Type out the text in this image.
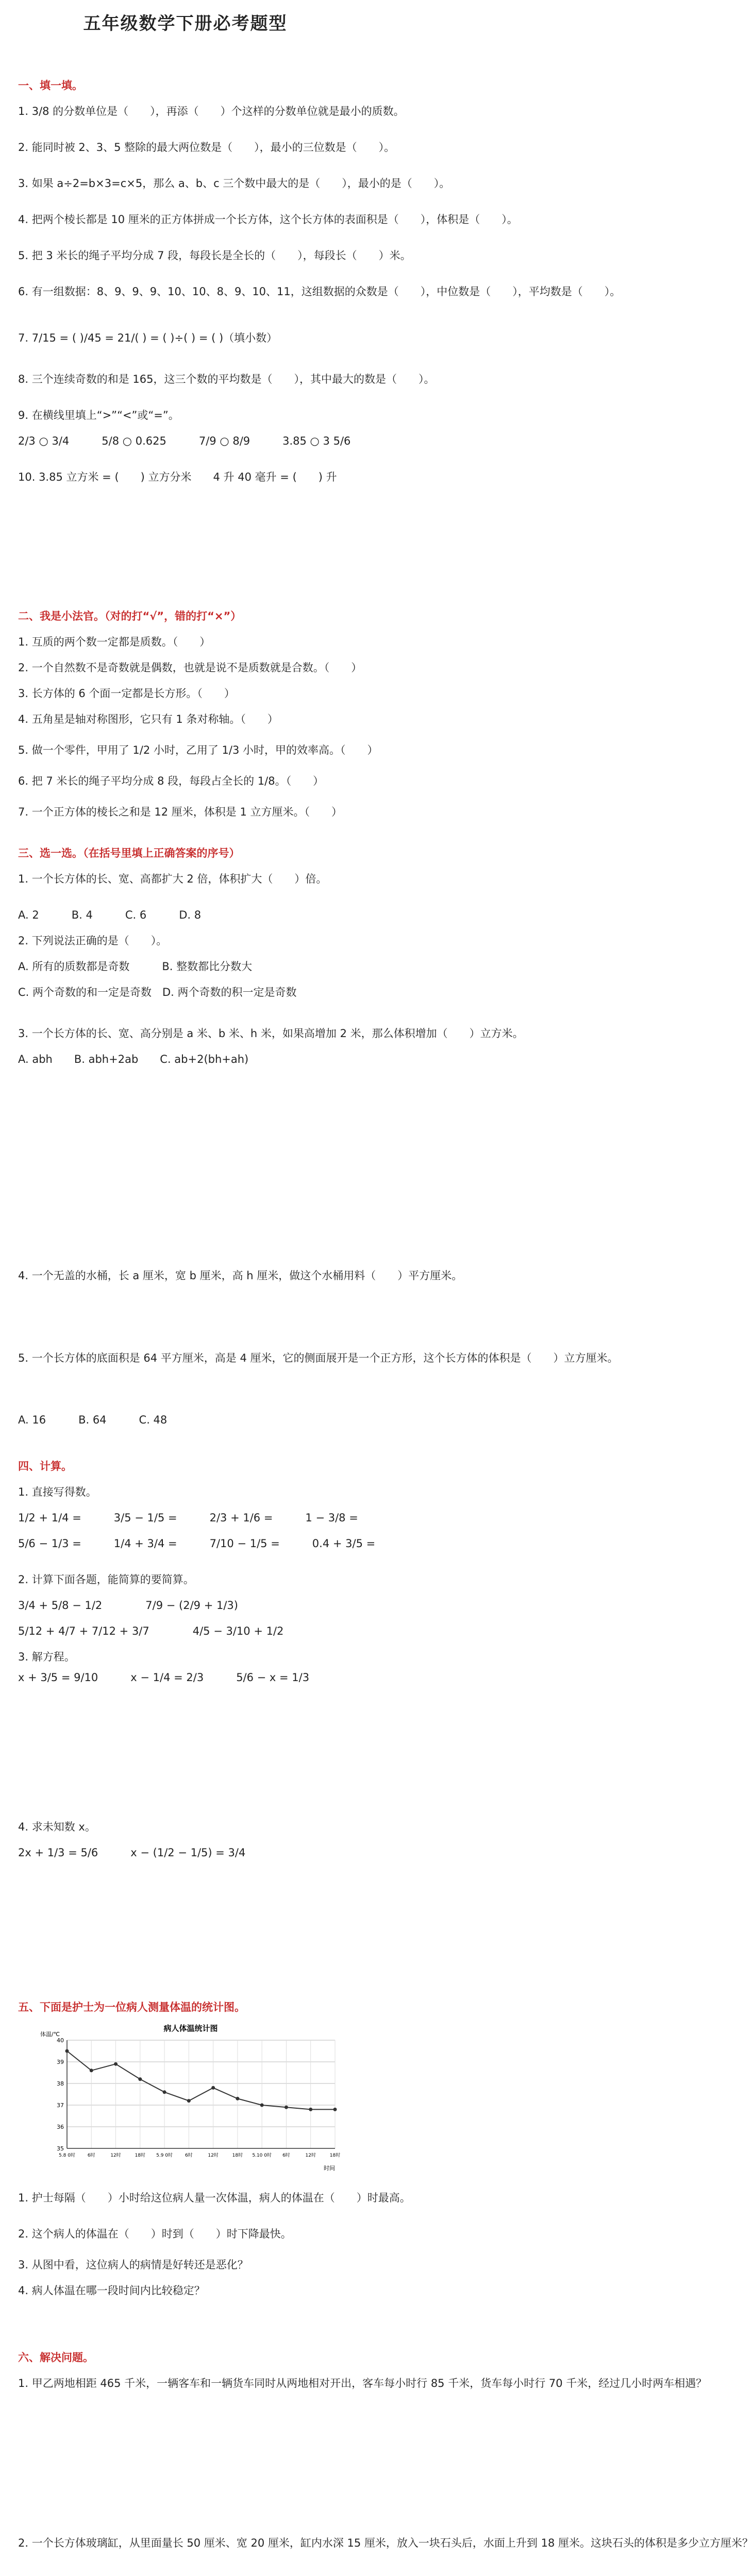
五年级数学下册必考题型
一、填一填。
1. 3/8 的分数单位是（　　），再添（　　）个这样的分数单位就是最小的质数。
2. 能同时被 2、3、5 整除的最大两位数是（　　），最小的三位数是（　　）。
3. 如果 a÷2=b×3=c×5，那么 a、b、c 三个数中最大的是（　　），最小的是（　　）。
4. 把两个棱长都是 10 厘米的正方体拼成一个长方体，这个长方体的表面积是（　　），体积是（　　）。
5. 把 3 米长的绳子平均分成 7 段，每段长是全长的（　　），每段长（　　）米。
6. 有一组数据：8、9、9、9、10、10、8、9、10、11，这组数据的众数是（　　），中位数是（　　），平均数是（　　）。
7. 7/15 = ( )/45 = 21/( ) = ( )÷( ) = ( )（填小数）
8. 三个连续奇数的和是 165，这三个数的平均数是（　　），其中最大的数是（　　）。
9. 在横线里填上“>”“<”或“=”。
2/3 ○ 3/4　　　5/8 ○ 0.625　　　7/9 ○ 8/9　　　3.85 ○ 3 5/6
10. 3.85 立方米 = (　　) 立方分米　　4 升 40 毫升 = (　　) 升
二、我是小法官。（对的打“√”，错的打“×”）
1. 互质的两个数一定都是质数。（　　）
2. 一个自然数不是奇数就是偶数，也就是说不是质数就是合数。（　　）
3. 长方体的 6 个面一定都是长方形。（　　）
4. 五角星是轴对称图形，它只有 1 条对称轴。（　　）
5. 做一个零件，甲用了 1/2 小时，乙用了 1/3 小时，甲的效率高。（　　）
6. 把 7 米长的绳子平均分成 8 段，每段占全长的 1/8。（　　）
7. 一个正方体的棱长之和是 12 厘米，体积是 1 立方厘米。（　　）
三、选一选。（在括号里填上正确答案的序号）
1. 一个长方体的长、宽、高都扩大 2 倍，体积扩大（　　）倍。
A. 2　　　B. 4　　　C. 6　　　D. 8
2. 下列说法正确的是（　　）。
A. 所有的质数都是奇数　　　B. 整数都比分数大
C. 两个奇数的和一定是奇数　D. 两个奇数的积一定是奇数
3. 一个长方体的长、宽、高分别是 a 米、b 米、h 米，如果高增加 2 米，那么体积增加（　　）立方米。
A. abh　　B. abh+2ab　　C. ab+2(bh+ah)
4. 一个无盖的水桶，长 a 厘米，宽 b 厘米，高 h 厘米，做这个水桶用料（　　）平方厘米。
5. 一个长方体的底面积是 64 平方厘米，高是 4 厘米，它的侧面展开是一个正方形，这个长方体的体积是（　　）立方厘米。
A. 16　　　B. 64　　　C. 48
四、计算。
1. 直接写得数。
1/2 + 1/4 =　　　3/5 − 1/5 =　　　2/3 + 1/6 =　　　1 − 3/8 =
5/6 − 1/3 =　　　1/4 + 3/4 =　　　7/10 − 1/5 =　　　0.4 + 3/5 =
2. 计算下面各题，能简算的要简算。
3/4 + 5/8 − 1/2　　　　7/9 − (2/9 + 1/3)
5/12 + 4/7 + 7/12 + 3/7　　　　4/5 − 3/10 + 1/2
3. 解方程。
x + 3/5 = 9/10　　　x − 1/4 = 2/3　　　5/6 − x = 1/3
4. 求未知数 x。
2x + 1/3 = 5/6　　　x − (1/2 − 1/5) = 3/4
五、下面是护士为一位病人测量体温的统计图。
病人体温统计图
35
36
37
38
39
40
5.8 0时	6时	12时	18时 5.9 0时	6时	12时	18时 5.10 0时 6时	12时	18时
体温/℃
时间
1. 护士每隔（　　）小时给这位病人量一次体温，病人的体温在（　　）时最高。
2. 这个病人的体温在（　　）时到（　　）时下降最快。
3. 从图中看，这位病人的病情是好转还是恶化？
4. 病人体温在哪一段时间内比较稳定？
六、解决问题。
1. 甲乙两地相距 465 千米，一辆客车和一辆货车同时从两地相对开出，客车每小时行 85 千米，货车每小时行 70 千米，经过几小时两车相遇？
2. 一个长方体玻璃缸，从里面量长 50 厘米、宽 20 厘米，缸内水深 15 厘米，放入一块石头后，水面上升到 18 厘米。这块石头的体积是多少立方厘米？
